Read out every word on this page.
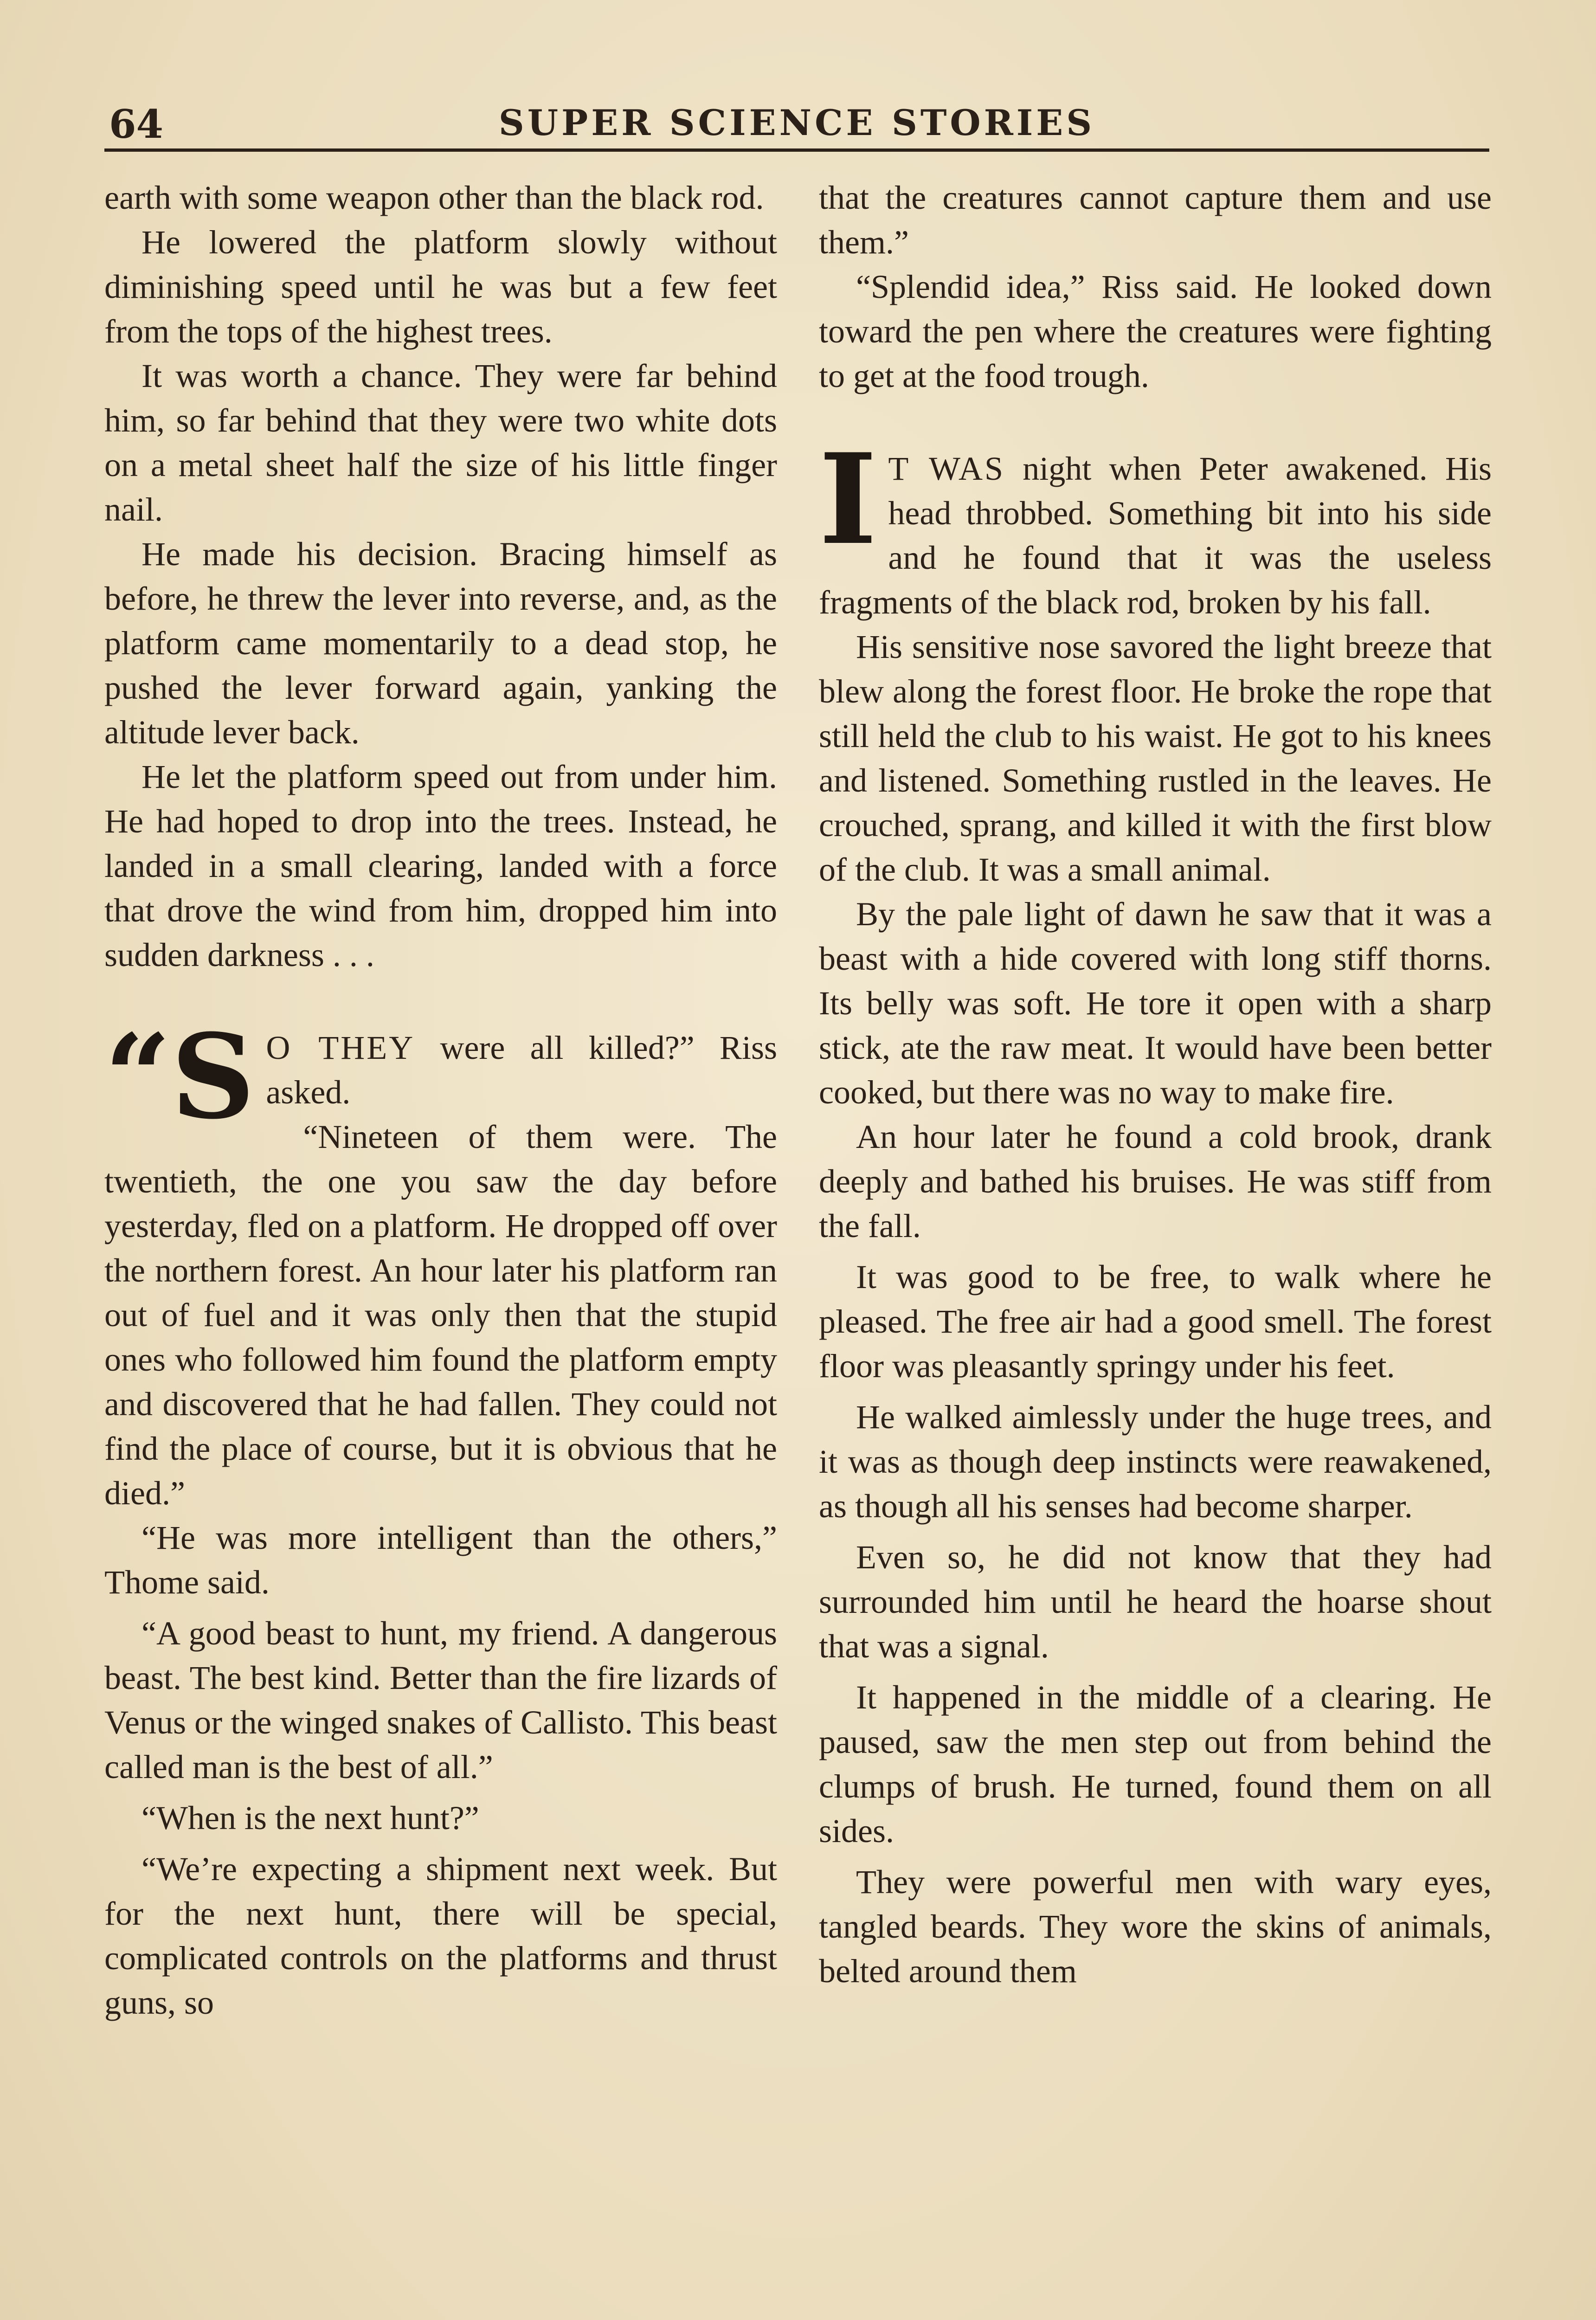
64	SUPER SCIENCE STORIES

earth with some weapon other than the black rod.

He lowered the platform slowly without diminishing speed until he was but a few feet from the tops of the highest trees.

It was worth a chance. They were far behind him, so far behind that they were two white dots on a metal sheet half the size of his little finger nail.

He made his decision. Bracing himself as before, he threw the lever into reverse, and, as the platform came momentarily to a dead stop, he pushed the lever forward again, yanking the altitude lever back.

He let the platform speed out from under him. He had hoped to drop into the trees. Instead, he landed in a small clearing, landed with a force that drove the wind from him, dropped him into sudden darkness . . .

“S O THEY were all killed?” Riss asked.

“Nineteen of them were. The twentieth, the one you saw the day before yesterday, fled on a platform. He dropped off over the northern forest. An hour later his platform ran out of fuel and it was only then that the stupid ones who followed him found the platform empty and discovered that he had fallen. They could not find the place of course, but it is obvious that he died.”

“He was more intelligent than the others,” Thome said.

“A good beast to hunt, my friend. A dangerous beast. The best kind. Better than the fire lizards of Venus or the winged snakes of Callisto. This beast called man is the best of all.”

“When is the next hunt?”

“We’re expecting a shipment next week. But for the next hunt, there will be special, complicated controls on the platforms and thrust guns, so

that the creatures cannot capture them and use them.”

“Splendid idea,” Riss said. He looked down toward the pen where the creatures were fighting to get at the food trough.

I T WAS night when Peter awakened. His head throbbed. Something bit into his side and he found that it was the useless fragments of the black rod, broken by his fall.

His sensitive nose savored the light breeze that blew along the forest floor. He broke the rope that still held the club to his waist. He got to his knees and listened. Something rustled in the leaves. He crouched, sprang, and killed it with the first blow of the club. It was a small animal.

By the pale light of dawn he saw that it was a beast with a hide covered with long stiff thorns. Its belly was soft. He tore it open with a sharp stick, ate the raw meat. It would have been better cooked, but there was no way to make fire.

An hour later he found a cold brook, drank deeply and bathed his bruises. He was stiff from the fall.

It was good to be free, to walk where he pleased. The free air had a good smell. The forest floor was pleasantly springy under his feet.

He walked aimlessly under the huge trees, and it was as though deep instincts were reawakened, as though all his senses had become sharper.

Even so, he did not know that they had surrounded him until he heard the hoarse shout that was a signal.

It happened in the middle of a clearing. He paused, saw the men step out from behind the clumps of brush. He turned, found them on all sides.

They were powerful men with wary eyes, tangled beards. They wore the skins of animals, belted around them
